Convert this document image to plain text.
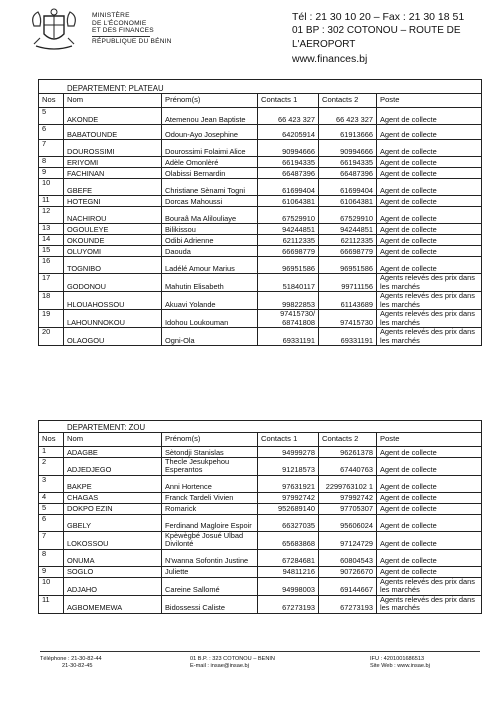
MINISTÈRE
DE L'ÉCONOMIE
ET DES FINANCES
RÉPUBLIQUE DU BÉNIN
Tél : 21 30 10 20 – Fax : 21 30 18 51
01 BP : 302 COTONOU – ROUTE DE L'AEROPORT
www.finances.bj
DEPARTEMENT: PLATEAU					
Nos	Nom	Prénom(s)	Contacts 1	Contacts 2	Poste
5	AKONDE	Atemenou Jean Baptiste	66 423 327	66 423 327	Agent de collecte
6	BABATOUNDE	Odoun-Ayo Josephine	64205914	61913666	Agent de collecte
7	DOUROSSIMI	Dourossimi Folaimi Alice	90994666	90994666	Agent de collecte
8	ERIYOMI	Adèle Omonlèré	66194335	66194335	Agent de collecte
9	FACHINAN	Olabissi Bernardin	66487396	66487396	Agent de collecte
10	GBEFE	Christiane Sènami Togni	61699404	61699404	Agent de collecte
11	HOTEGNI	Dorcas Mahoussi	61064381	61064381	Agent de collecte
12	NACHIROU	Bouraâ Ma Alilouliaye	67529910	67529910	Agent de collecte
13	OGOULEYE	Bilikissou	94244851	94244851	Agent de collecte
14	OKOUNDE	Odibi Adrienne	62112335	62112335	Agent de collecte
15	OLUYOMI	Daouda	66698779	66698779	Agent de collecte
16	TOGNIBO	Ladélé Amour Marius	96951586	96951586	Agent de collecte
17	GODONOU	Mahutin Elisabeth	51840117	99711156	Agents relevés des prix dans les marchés
18	HLOUAHOSSOU	Akuavi Yolande	99822853	61143689	Agents relevés des prix dans les marchés
19	LAHOUNNOKOU	Idohou Loukouman	97415730/ 68741808	97415730	Agents relevés des prix dans les marchés
20	OLAOGOU	Ogni-Ola	69331191	69331191	Agents relevés des prix dans les marchés
DEPARTEMENT: ZOU					
Nos	Nom	Prénom(s)	Contacts 1	Contacts 2	Poste
1	ADAGBE	Sètondji Stanislas	94999278	96261378	Agent de collecte
2	ADJEDJEGO	Thecle Jesukpehou Esperantos	91218573	67440763	Agent de collecte
3	BAKPE	Anni Hortence	97631921	2299763102 1	Agent de collecte
4	CHAGAS	Franck Tardeli Vivien	97992742	97992742	Agent de collecte
5	DOKPO EZIN	Romarick	952689140	97705307	Agent de collecte
6	GBELY	Ferdinand Magloire Espoir	66327035	95606024	Agent de collecte
7	LOKOSSOU	Kpèwègbé Josué Ulbad Divilonté	65683868	97124729	Agent de collecte
8	ONUMA	N'wanna Sofontin Justine	67284681	60804543	Agent de collecte
9	SOGLO	Juliette	94811216	90726670	Agent de collecte
10	ADJAHO	Careine Sallomé	94998003	69144667	Agents relevés des prix dans les marchés
11	AGBOMEMEWA	Bidossessi Caliste	67273193	67273193	Agents relevés des prix dans les marchés
Téléphone : 21-30-82-44
21-30-82-45
01 B.P. : 323 COTONOU – BENIN
E-mail : insae@insae.bj
IFU : 4201001686513
Site Web : www.insae.bj
